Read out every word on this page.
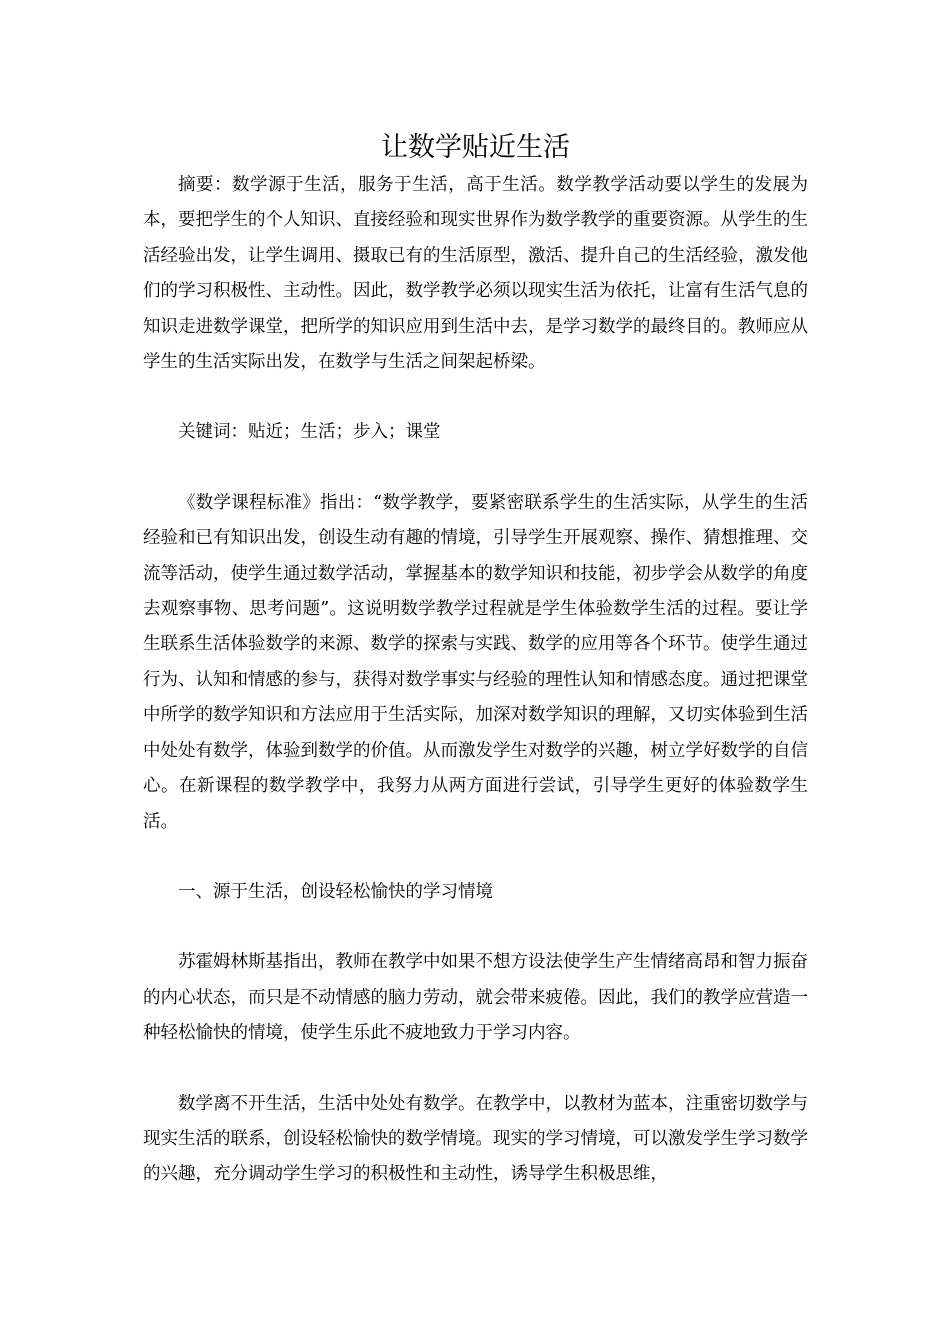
让数学贴近生活

摘要：数学源于生活，服务于生活，高于生活。数学教学活动要以学生的发展为本，要把学生的个人知识、直接经验和现实世界作为数学教学的重要资源。从学生的生活经验出发，让学生调用、摄取已有的生活原型，激活、提升自己的生活经验，激发他们的学习积极性、主动性。因此，数学教学必须以现实生活为依托，让富有生活气息的知识走进数学课堂，把所学的知识应用到生活中去，是学习数学的最终目的。教师应从学生的生活实际出发，在数学与生活之间架起桥梁。

关键词：贴近；生活；步入；课堂

《数学课程标准》指出：“数学教学，要紧密联系学生的生活实际，从学生的生活经验和已有知识出发，创设生动有趣的情境，引导学生开展观察、操作、猜想推理、交流等活动，使学生通过数学活动，掌握基本的数学知识和技能，初步学会从数学的角度去观察事物、思考问题”。这说明数学教学过程就是学生体验数学生活的过程。要让学生联系生活体验数学的来源、数学的探索与实践、数学的应用等各个环节。使学生通过行为、认知和情感的参与，获得对数学事实与经验的理性认知和情感态度。通过把课堂中所学的数学知识和方法应用于生活实际，加深对数学知识的理解，又切实体验到生活中处处有数学，体验到数学的价值。从而激发学生对数学的兴趣，树立学好数学的自信心。在新课程的数学教学中，我努力从两方面进行尝试，引导学生更好的体验数学生活。

一、源于生活，创设轻松愉快的学习情境

苏霍姆林斯基指出，教师在教学中如果不想方设法使学生产生情绪高昂和智力振奋的内心状态，而只是不动情感的脑力劳动，就会带来疲倦。因此，我们的教学应营造一种轻松愉快的情境，使学生乐此不疲地致力于学习内容。

数学离不开生活，生活中处处有数学。在教学中，以教材为蓝本，注重密切数学与现实生活的联系，创设轻松愉快的数学情境。现实的学习情境，可以激发学生学习数学的兴趣，充分调动学生学习的积极性和主动性，诱导学生积极思维，
